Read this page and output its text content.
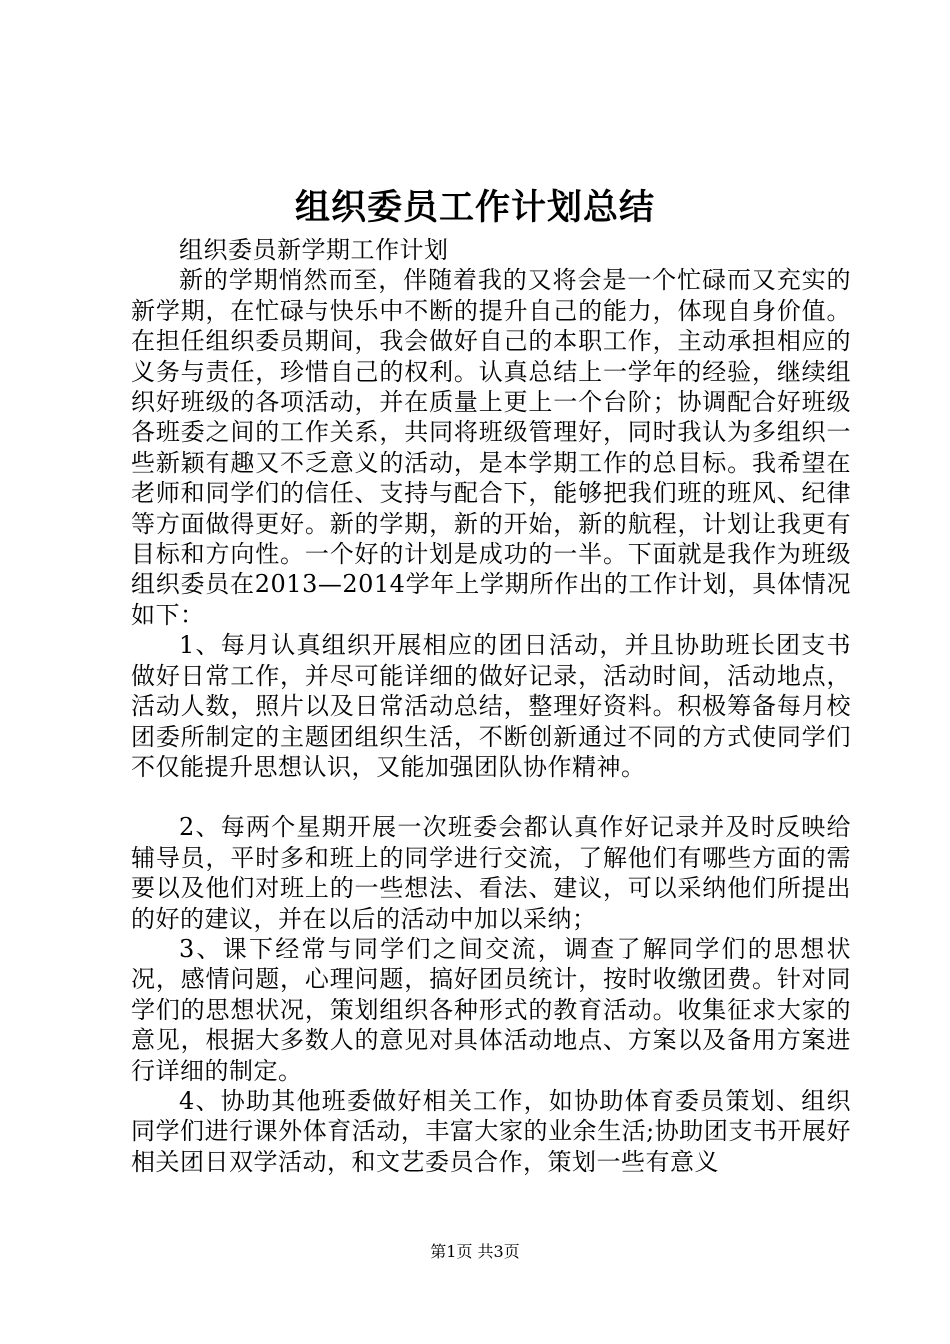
组织委员工作计划总结

组织委员新学期工作计划

新的学期悄然而至，伴随着我的又将会是一个忙碌而又充实的新学期，在忙碌与快乐中不断的提升自己的能力，体现自身价值。在担任组织委员期间，我会做好自己的本职工作，主动承担相应的义务与责任，珍惜自己的权利。认真总结上一学年的经验，继续组织好班级的各项活动，并在质量上更上一个台阶；协调配合好班级各班委之间的工作关系，共同将班级管理好，同时我认为多组织一些新颖有趣又不乏意义的活动，是本学期工作的总目标。我希望在老师和同学们的信任、支持与配合下，能够把我们班的班风、纪律等方面做得更好。新的学期，新的开始，新的航程，计划让我更有目标和方向性。一个好的计划是成功的一半。下面就是我作为班级组织委员在2013—2014学年上学期所作出的工作计划，具体情况如下：

1、每月认真组织开展相应的团日活动，并且协助班长团支书做好日常工作，并尽可能详细的做好记录，活动时间，活动地点，活动人数，照片以及日常活动总结，整理好资料。积极筹备每月校团委所制定的主题团组织生活，不断创新通过不同的方式使同学们不仅能提升思想认识，又能加强团队协作精神。

2、每两个星期开展一次班委会都认真作好记录并及时反映给辅导员，平时多和班上的同学进行交流，了解他们有哪些方面的需要以及他们对班上的一些想法、看法、建议，可以采纳他们所提出的好的建议，并在以后的活动中加以采纳；

3、课下经常与同学们之间交流，调查了解同学们的思想状况，感情问题，心理问题，搞好团员统计，按时收缴团费。针对同学们的思想状况，策划组织各种形式的教育活动。收集征求大家的意见，根据大多数人的意见对具体活动地点、方案以及备用方案进行详细的制定。

4、协助其他班委做好相关工作，如协助体育委员策划、组织同学们进行课外体育活动，丰富大家的业余生活;协助团支书开展好相关团日双学活动，和文艺委员合作，策划一些有意义

第1页 共3页
